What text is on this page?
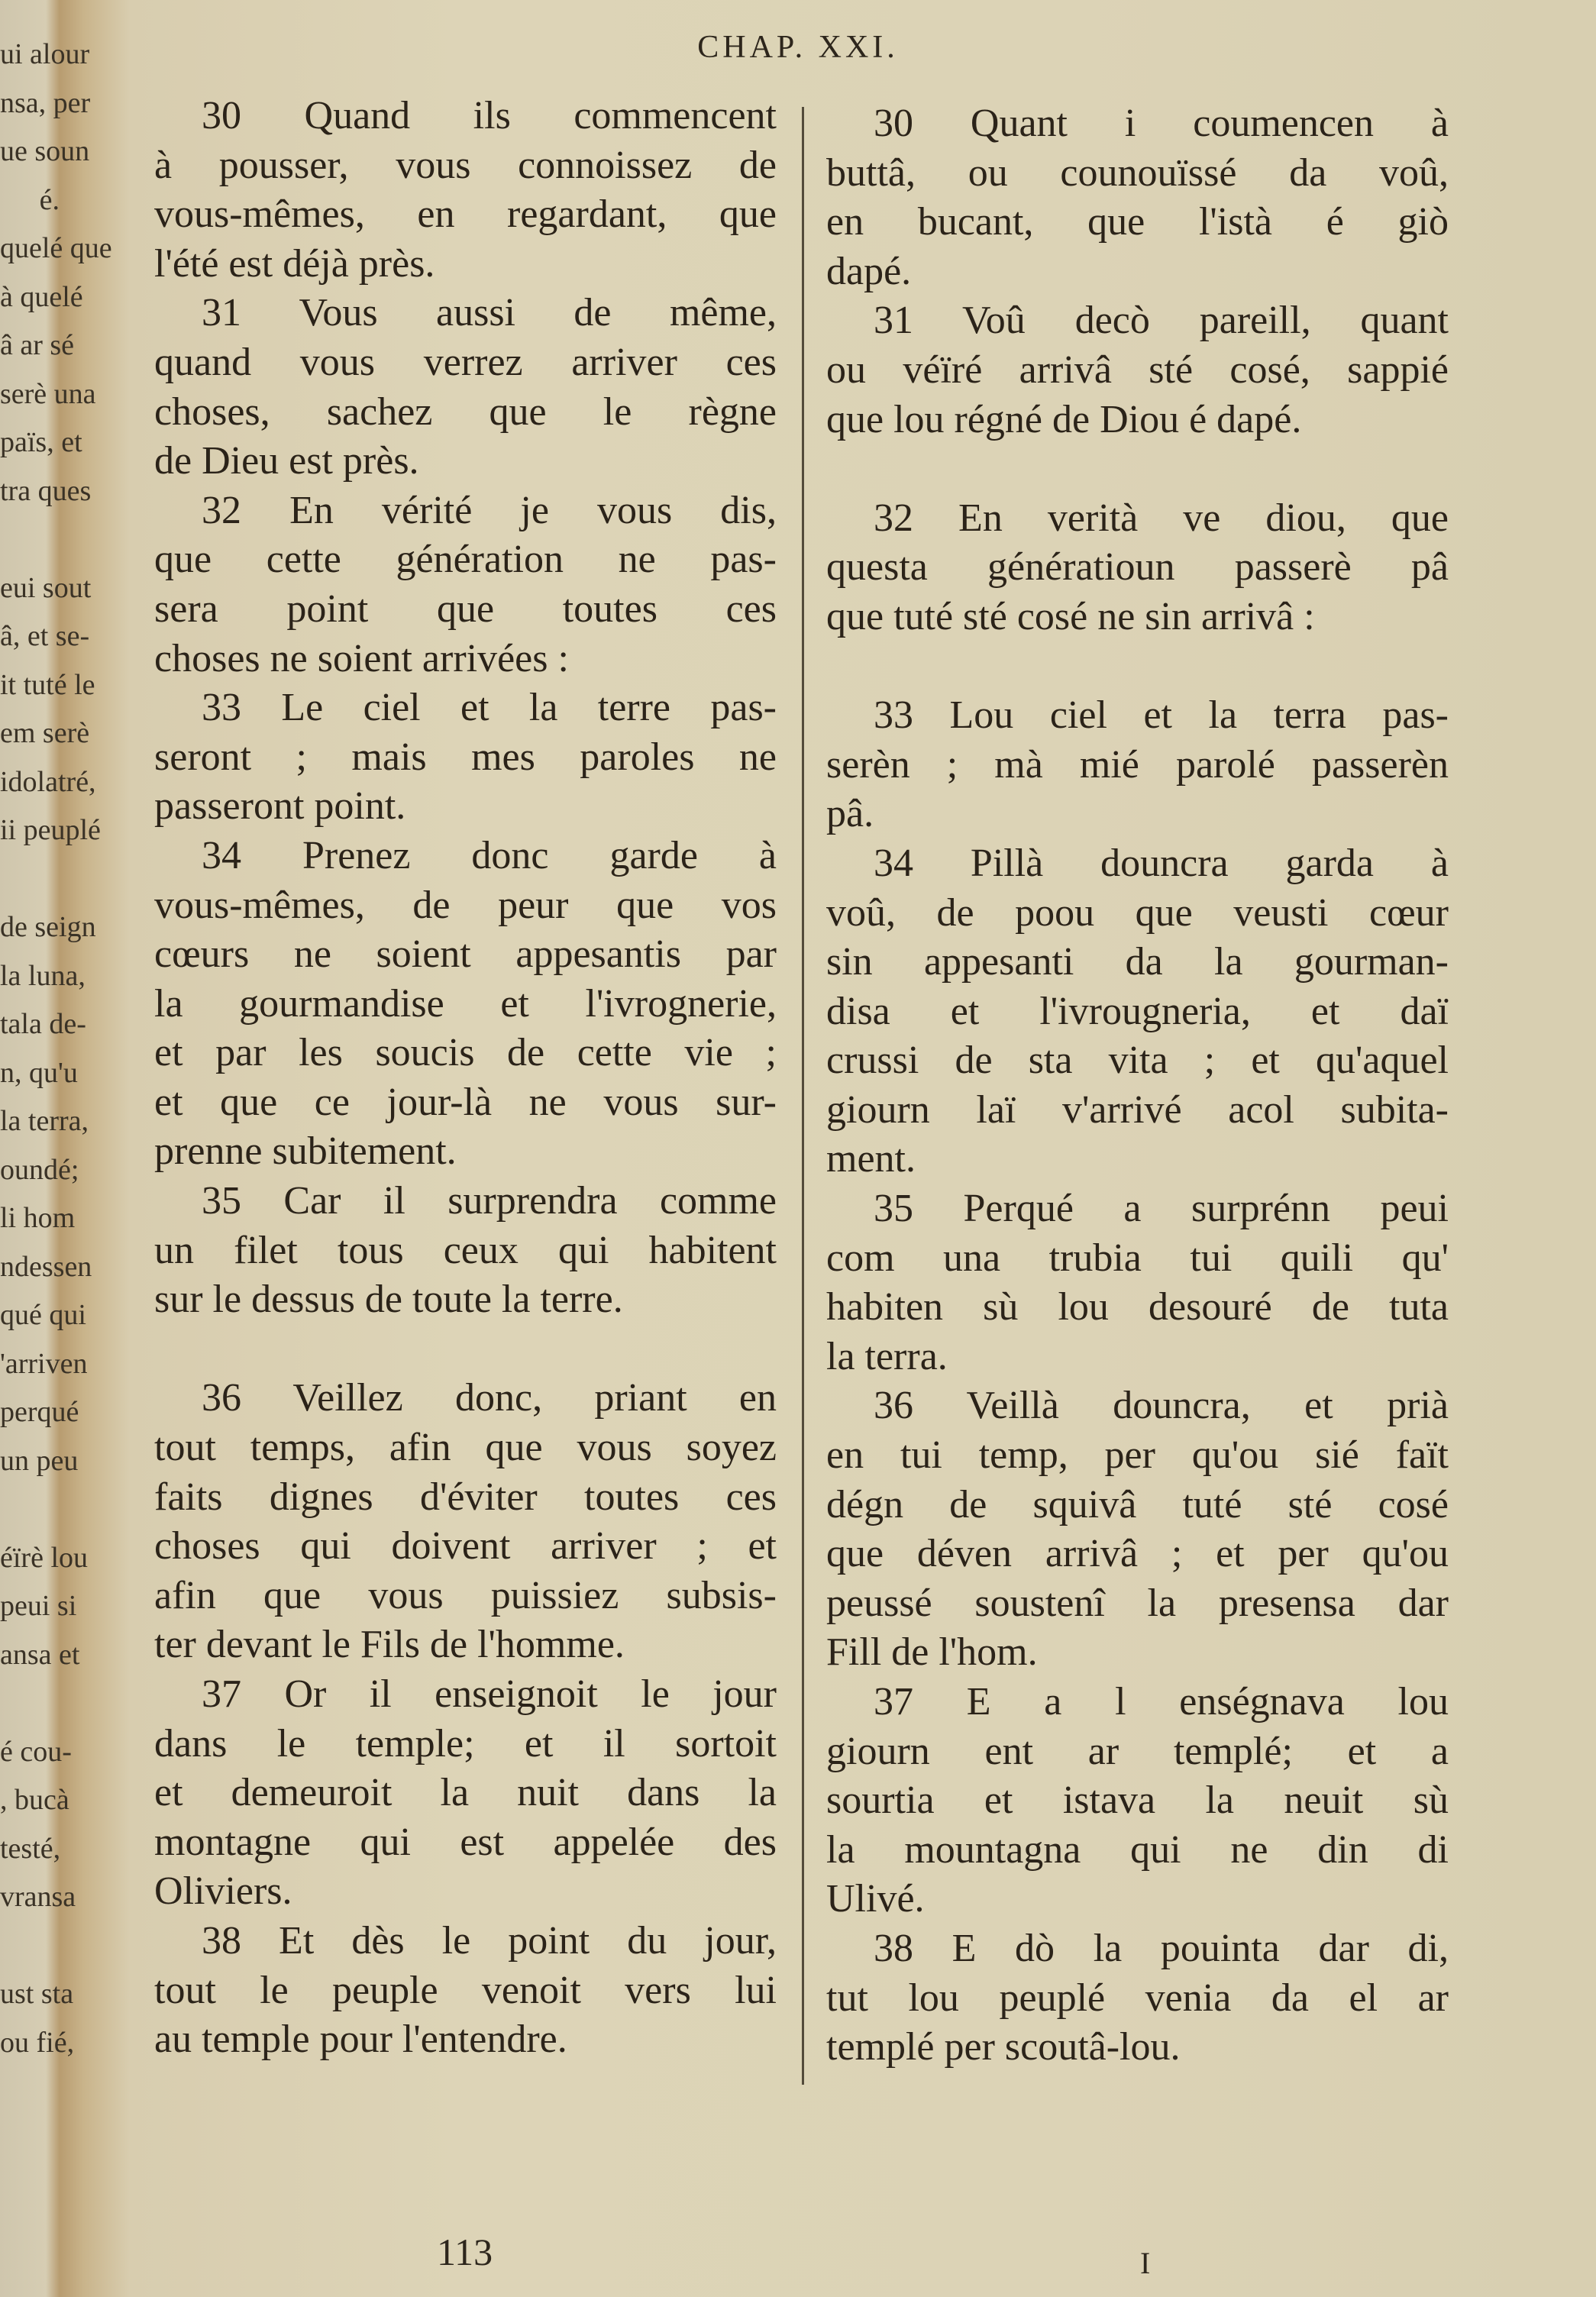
ui alour
nsa, per
ue soun
é.
quelé que
à quelé
â ar sé
serè una
païs, et
tra ques
eui sout
â, et se-
it tuté le
em serè
idolatré,
ii peuplé
de seign
la luna,
tala de-
n, qu'u
la terra,
oundé;
li hom
ndessen
qué qui
'arriven
perqué
un peu
éïrè lou
peui si
ansa et
é cou-
, bucà
testé,
vransa
ust sta
ou fié,
CHAP. XXI.
30 Quand ils commencent
à pousser, vous connoissez de
vous-mêmes, en regardant, que
l'été est déjà près.
31 Vous aussi de même,
quand vous verrez arriver ces
choses, sachez que le règne
de Dieu est près.
32 En vérité je vous dis,
que cette génération ne pas-
sera point que toutes ces
choses ne soient arrivées :
33 Le ciel et la terre pas-
seront ; mais mes paroles ne
passeront point.
34 Prenez donc garde à
vous-mêmes, de peur que vos
cœurs ne soient appesantis par
la gourmandise et l'ivrognerie,
et par les soucis de cette vie ;
et que ce jour-là ne vous sur-
prenne subitement.
35 Car il surprendra comme
un filet tous ceux qui habitent
sur le dessus de toute la terre.
36 Veillez donc, priant en
tout temps, afin que vous soyez
faits dignes d'éviter toutes ces
choses qui doivent arriver ; et
afin que vous puissiez subsis-
ter devant le Fils de l'homme.
37 Or il enseignoit le jour
dans le temple; et il sortoit
et demeuroit la nuit dans la
montagne qui est appelée des
Oliviers.
38 Et dès le point du jour,
tout le peuple venoit vers lui
au temple pour l'entendre.
30 Quant i coumencen à
buttâ, ou counouïssé da voû,
en bucant, que l'istà é giò
dapé.
31 Voû decò pareill, quant
ou véïré arrivâ sté cosé, sappié
que lou régné de Diou é dapé.
32 En verità ve diou, que
questa génératioun passerè pâ
que tuté sté cosé ne sin arrivâ :
33 Lou ciel et la terra pas-
serèn ; mà mié parolé passerèn
pâ.
34 Pillà douncra garda à
voû, de poou que veusti cœur
sin appesanti da la gourman-
disa et l'ivrougneria, et daï
crussi de sta vita ; et qu'aquel
giourn laï v'arrivé acol subita-
ment.
35 Perqué a surprénn peui
com una trubia tui quili qu'
habiten sù lou desouré de tuta
la terra.
36 Veillà douncra, et prià
en tui temp, per qu'ou sié faït
dégn de squivâ tuté sté cosé
que déven arrivâ ; et per qu'ou
peussé soustenî la presensa dar
Fill de l'hom.
37 E a l enségnava lou
giourn ent ar templé; et a
sourtia et istava la neuit sù
la mountagna qui ne din di
Ulivé.
38 E dò la pouinta dar di,
tut lou peuplé venia da el ar
templé per scoutâ-lou.
113	I
